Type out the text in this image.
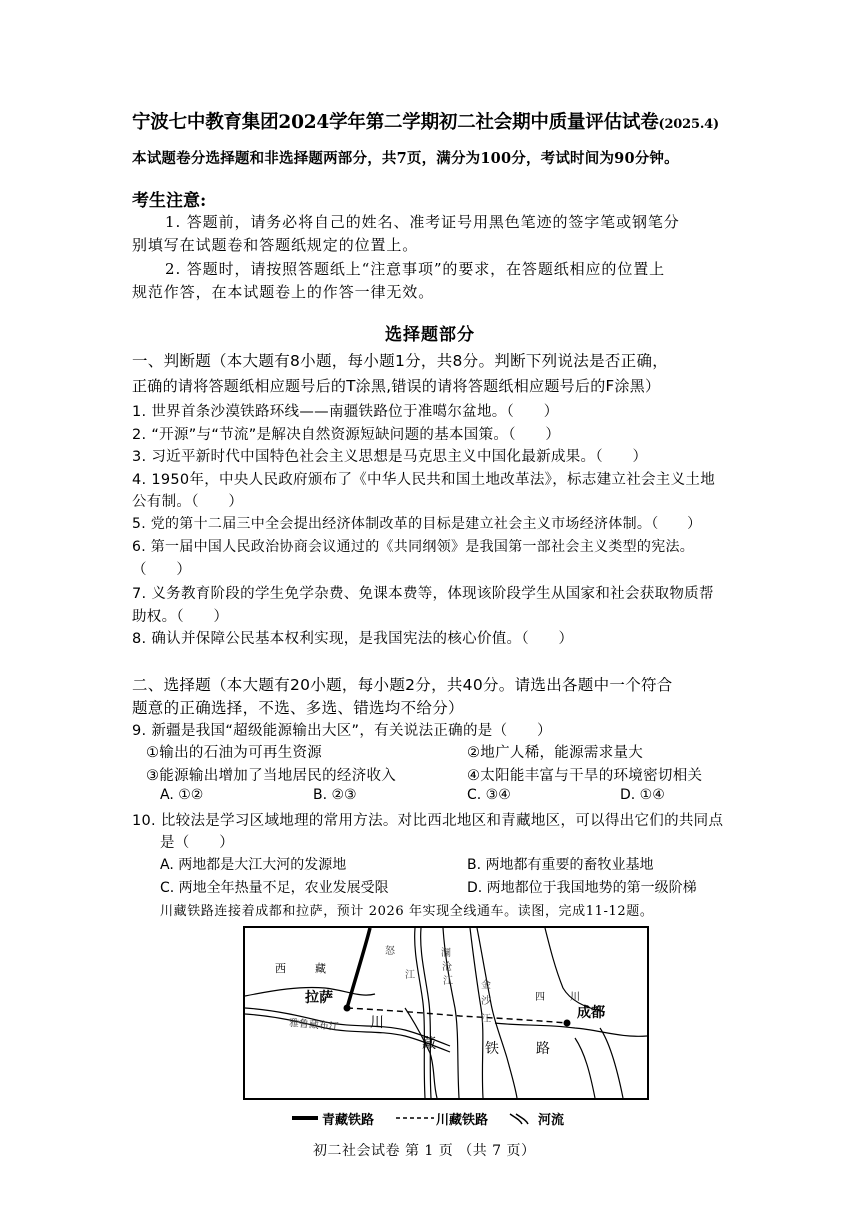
宁波七中教育集团2024学年第二学期初二社会期中质量评估试卷(2025.4)
本试题卷分选择题和非选择题两部分，共7页，满分为100分，考试时间为90分钟。
考生注意:
1. 答题前，请务必将自己的姓名、准考证号用黑色笔迹的签字笔或钢笔分
别填写在试题卷和答题纸规定的位置上。
2. 答题时，请按照答题纸上“注意事项”的要求，在答题纸相应的位置上
规范作答，在本试题卷上的作答一律无效。
选择题部分
一、判断题（本大题有8小题，每小题1分，共8分。判断下列说法是否正确，
正确的请将答题纸相应题号后的T涂黑,错误的请将答题纸相应题号后的F涂黑）
1. 世界首条沙漠铁路环线——南疆铁路位于准噶尔盆地。（　　）
2. “开源”与“节流”是解决自然资源短缺问题的基本国策。（　　）
3. 习近平新时代中国特色社会主义思想是马克思主义中国化最新成果。（　　）
4. 1950年，中央人民政府颁布了《中华人民共和国土地改革法》，标志建立社会主义土地
公有制。（　　）
5. 党的第十二届三中全会提出经济体制改革的目标是建立社会主义市场经济体制。（　　）
6. 第一届中国人民政治协商会议通过的《共同纲领》是我国第一部社会主义类型的宪法。
（　　）
7. 义务教育阶段的学生免学杂费、免课本费等，体现该阶段学生从国家和社会获取物质帮
助权。（　　）
8. 确认并保障公民基本权利实现，是我国宪法的核心价值。（　　）
二、选择题（本大题有20小题，每小题2分，共40分。请选出各题中一个符合
题意的正确选择，不选、多选、错选均不给分）
9. 新疆是我国“超级能源输出大区”，有关说法正确的是（　　）
①输出的石油为可再生资源	②地广人稀，能源需求量大
③能源输出增加了当地居民的经济收入	④太阳能丰富与干旱的环境密切相关
A. ①②	B. ②③	C. ③④	D. ①④
10. 比较法是学习区域地理的常用方法。对比西北地区和青藏地区，可以得出它们的共同点
是（　　）
A. 两地都是大江大河的发源地	B. 两地都有重要的畜牧业基地
C. 两地全年热量不足，农业发展受限	D. 两地都位于我国地势的第一级阶梯
川藏铁路连接着成都和拉萨，预计 2026 年实现全线通车。读图，完成11-12题。
西	藏
拉萨
怒
江
澜
沧
江	金
沙
江
四	川
成都
雅鲁藏布江 川
藏	铁	路
青藏铁路	川藏铁路	河流
初二社会试卷 第 1 页 （共 7 页）
